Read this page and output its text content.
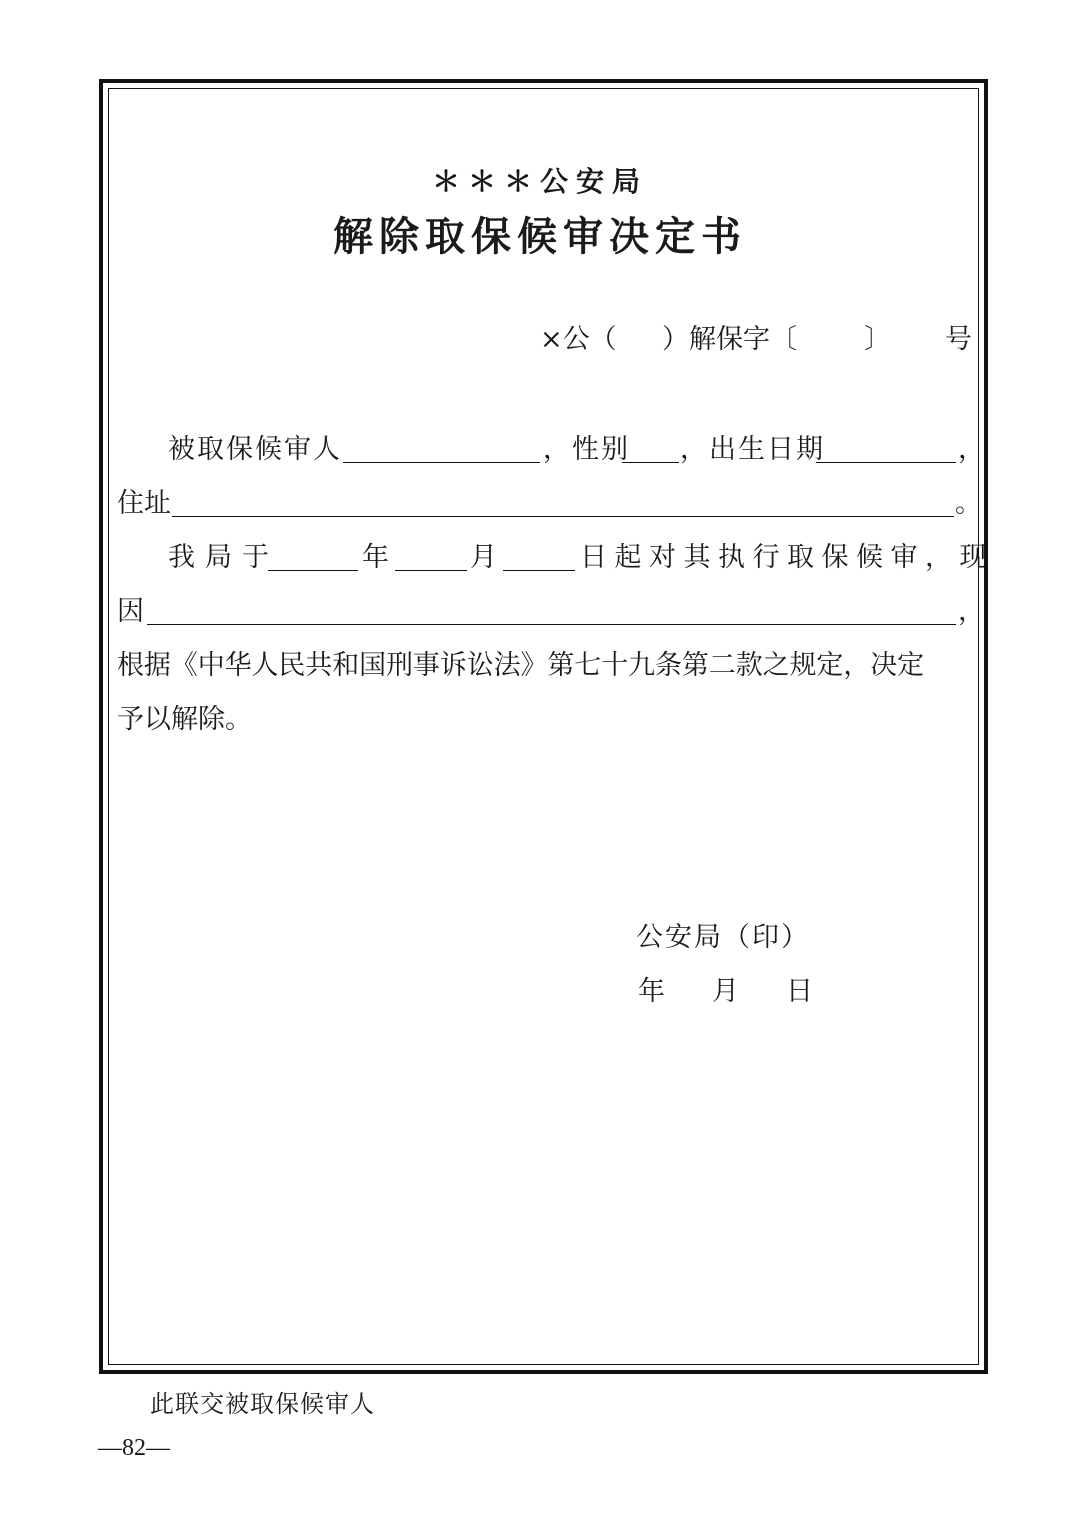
＊＊＊公安局
解除取保候审决定书
×公（ ）解保字〔 〕 号
被取保候审人	，性别 ，出生日期	，
住址	。
我局于	年	月	日起对其执行取保候审，现
因	，
根据《中华人民共和国刑事诉讼法》第七十九条第二款之规定，决定
予以解除。
公安局（印）
年 月 日
此联交被取保候审人
—82—
